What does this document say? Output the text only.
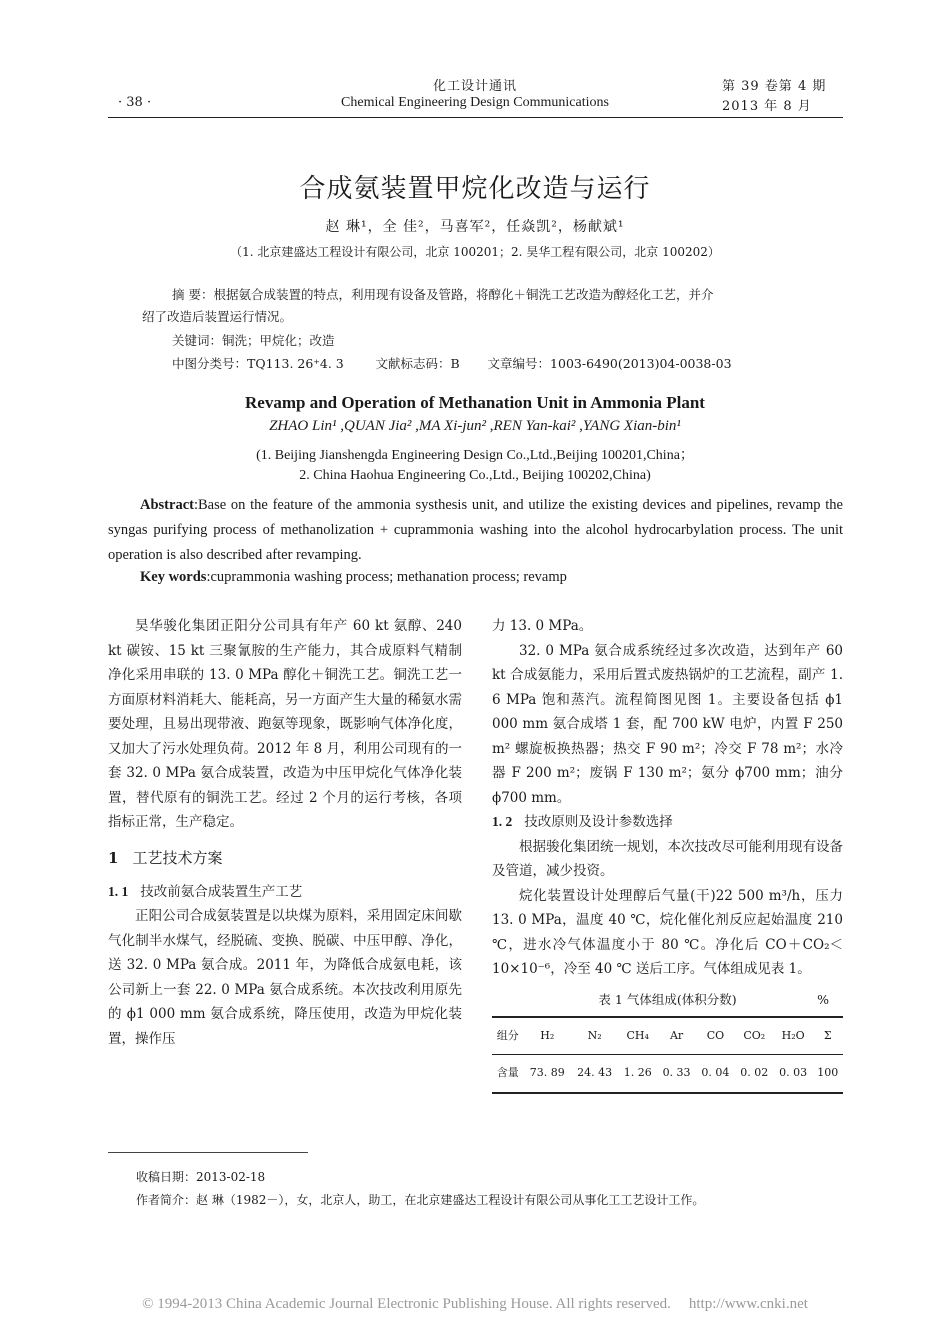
化工设计通讯
Chemical Engineering Design Communications
· 38 ·
第 39 卷第 4 期
2013 年 8 月
合成氨装置甲烷化改造与运行
赵 琳¹，全 佳²，马喜军²，任焱凯²，杨献斌¹
（1. 北京建盛达工程设计有限公司，北京 100201；2. 昊华工程有限公司，北京 100202）
摘 要：根据氨合成装置的特点，利用现有设备及管路，将醇化＋铜洗工艺改造为醇烃化工艺，并介
绍了改造后装置运行情况。
关键词：铜洗；甲烷化；改造
中图分类号：TQ113. 26⁺4. 3        文献标志码：B       文章编号：1003-6490(2013)04-0038-03
Revamp and Operation of Methanation Unit in Ammonia Plant
ZHAO Lin¹ ,QUAN Jia² ,MA Xi-jun² ,REN Yan-kai² ,YANG Xian-bin¹
(1. Beijing Jianshengda Engineering Design Co.,Ltd.,Beijing 100201,China；
2. China Haohua Engineering Co.,Ltd., Beijing 100202,China)
Abstract:Base on the feature of the ammonia systhesis unit, and utilize the existing devices and pipelines, revamp the syngas purifying process of methanolization + cuprammonia washing into the alcohol hydrocarbylation process. The unit operation is also described after revamping.
Key words:cuprammonia washing process; methanation process; revamp

昊华骏化集团正阳分公司具有年产 60 kt 氨醇、240 kt 碳铵、15 kt 三聚氰胺的生产能力，其合成原料气精制净化采用串联的 13. 0 MPa 醇化＋铜洗工艺。铜洗工艺一方面原材料消耗大、能耗高，另一方面产生大量的稀氨水需要处理，且易出现带液、跑氨等现象，既影响气体净化度，又加大了污水处理负荷。2012 年 8 月，利用公司现有的一套 32. 0 MPa 氨合成装置，改造为中压甲烷化气体净化装置，替代原有的铜洗工艺。经过 2 个月的运行考核，各项指标正常，生产稳定。

1 工艺技术方案
1. 1 技改前氨合成装置生产工艺

正阳公司合成氨装置是以块煤为原料，采用固定床间歇气化制半水煤气，经脱硫、变换、脱碳、中压甲醇、净化，送 32. 0 MPa 氨合成。2011 年，为降低合成氨电耗，该公司新上一套 22. 0 MPa 氨合成系统。本次技改利用原先的 ϕ1 000 mm 氨合成系统，降压使用，改造为甲烷化装置，操作压

力 13. 0 MPa。

32. 0 MPa 氨合成系统经过多次改造，达到年产 60 kt 合成氨能力，采用后置式废热锅炉的工艺流程，副产 1. 6 MPa 饱和蒸汽。流程简图见图 1。主要设备包括 ϕ1 000 mm 氨合成塔 1 套，配 700 kW 电炉，内置 F 250 m² 螺旋板换热器；热交 F 90 m²；冷交 F 78 m²；水冷器 F 200 m²；废锅 F 130 m²；氨分 ϕ700 mm；油分 ϕ700 mm。

1. 2 技改原则及设计参数选择

根据骏化集团统一规划，本次技改尽可能利用现有设备及管道，减少投资。

烷化装置设计处理醇后气量(干)22 500 m³/h，压力 13. 0 MPa，温度 40 ℃，烷化催化剂反应起始温度 210 ℃，进水冷气体温度小于 80 ℃。净化后 CO＋CO₂＜10×10⁻⁶，冷至 40 ℃ 送后工序。气体组成见表 1。

表 1 气体组成(体积分数)	%
组分	H₂	N₂	CH₄	Ar	CO	CO₂	H₂O	Σ
含量	73. 89	24. 43	1. 26	0. 33	0. 04	0. 02	0. 03	100
收稿日期：2013-02-18
作者简介：赵 琳（1982－），女，北京人，助工，在北京建盛达工程设计有限公司从事化工工艺设计工作。
© 1994-2013 China Academic Journal Electronic Publishing House. All rights reserved. http://www.cnki.net
